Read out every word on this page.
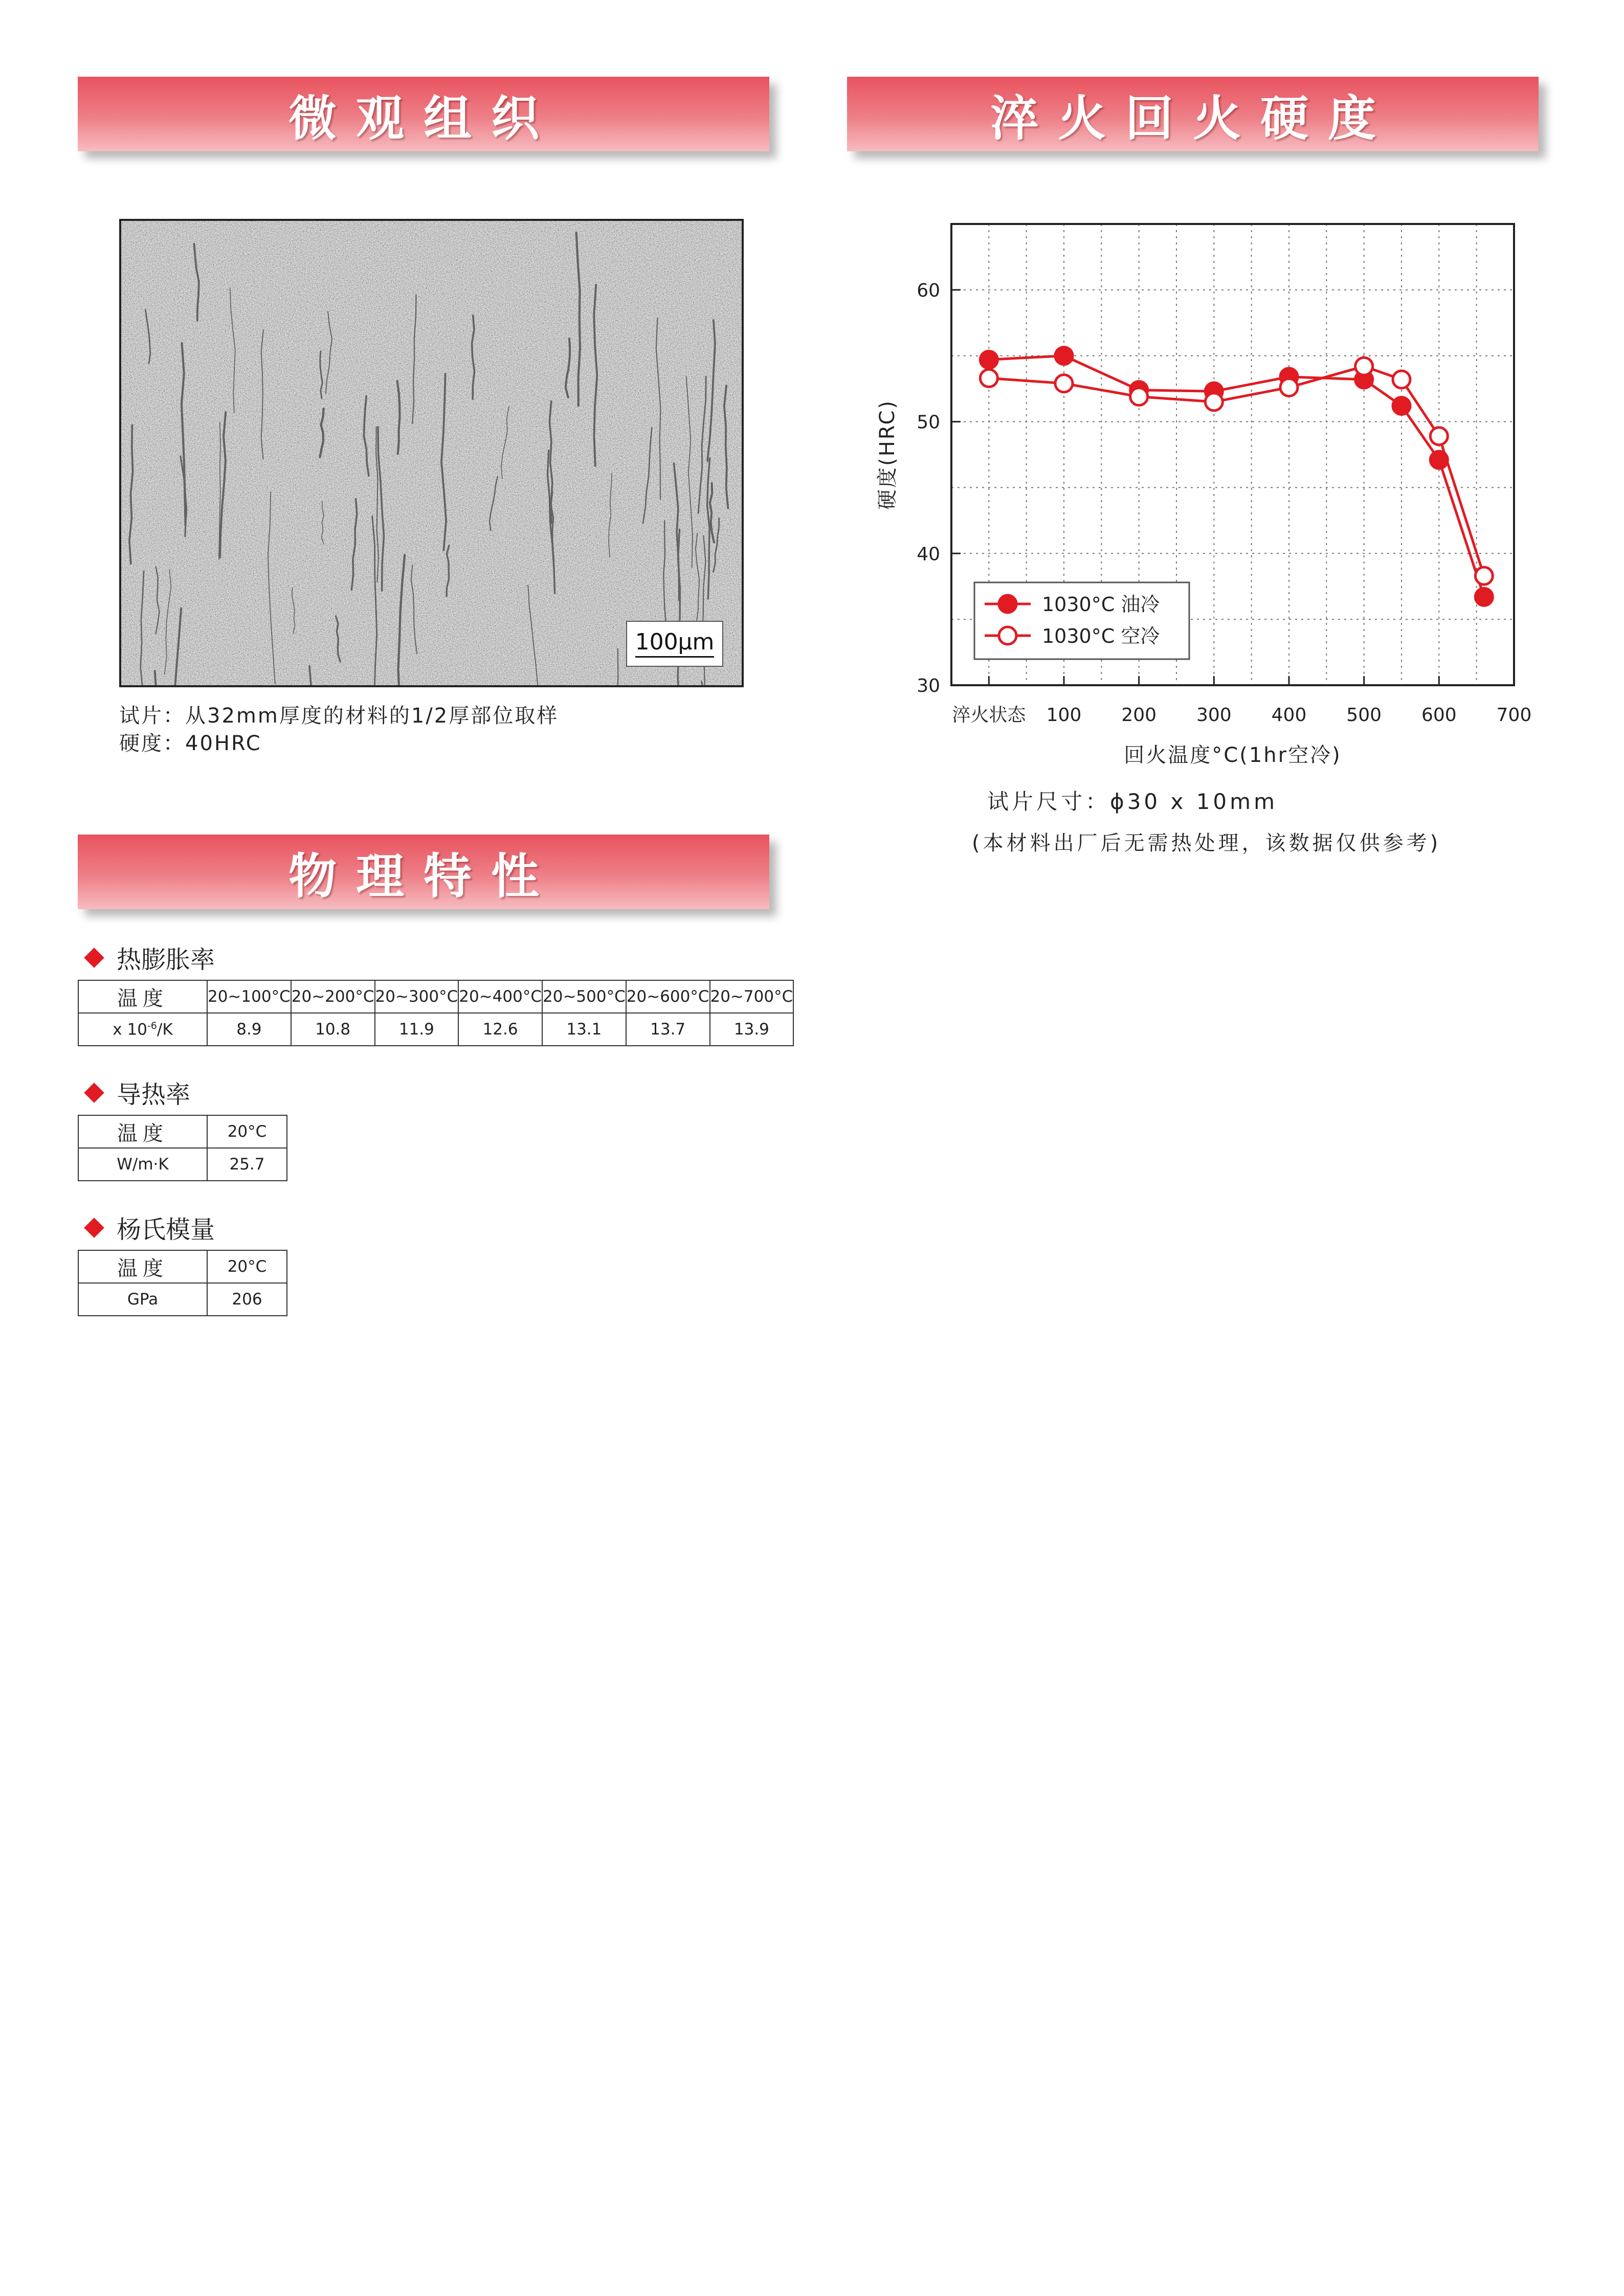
微观组织	淬火回火硬度
物理特性
100μm
试片：从32mm厚度的材料的1/2厚部位取样
硬度：40HRC
热膨胀率
温度	20~100°C	20~200°C	20~300°C	20~400°C	20~500°C	20~600°C	20~700°C
x $10^{-6}/K$	8.9	10.8	11.9	12.6	13.1	13.7	13.9
导热率
温度	20°C
W/m·K	25.7
杨氏模量
温度	20°C
GPa	206
30
40
50
60
淬火状态 100 200 300 400 500 600 700
回火温度°C(1hr空冷)
硬度(HRC)
1030°C 油冷
1030°C 空冷
试片尺寸：ϕ30 x 10mm
(本材料出厂后无需热处理，该数据仅供参考)
